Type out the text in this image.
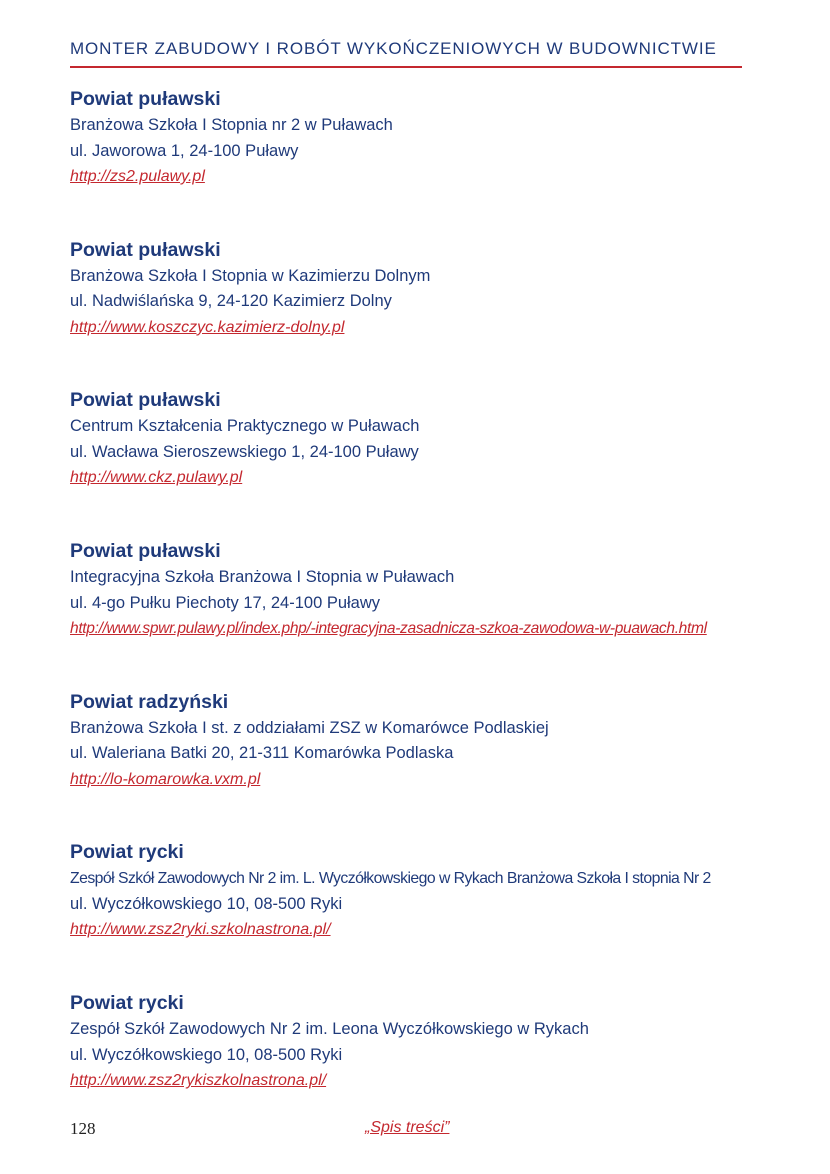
MONTER ZABUDOWY I ROBÓT WYKOŃCZENIOWYCH W BUDOWNICTWIE
Powiat puławski
Branżowa Szkoła I Stopnia nr 2 w Puławach
ul. Jaworowa 1, 24-100 Puławy
http://zs2.pulawy.pl
Powiat puławski
Branżowa Szkoła I Stopnia w Kazimierzu Dolnym
ul. Nadwiślańska 9, 24-120 Kazimierz Dolny
http://www.koszczyc.kazimierz-dolny.pl
Powiat puławski
Centrum Kształcenia Praktycznego w Puławach
ul. Wacława Sieroszewskiego 1, 24-100 Puławy
http://www.ckz.pulawy.pl
Powiat puławski
Integracyjna Szkoła Branżowa I Stopnia w Puławach
ul. 4-go Pułku Piechoty 17, 24-100 Puławy
http://www.spwr.pulawy.pl/index.php/-integracyjna-zasadnicza-szkoa-zawodowa-w-puawach.html
Powiat radzyński
Branżowa Szkoła I st. z oddziałami ZSZ w Komarówce Podlaskiej
ul. Waleriana Batki 20, 21-311 Komarówka Podlaska
http://lo-komarowka.vxm.pl
Powiat rycki
Zespół Szkół Zawodowych Nr 2 im. L. Wyczółkowskiego w Rykach Branżowa Szkoła I stopnia Nr 2
ul. Wyczółkowskiego 10, 08-500 Ryki
http://www.zsz2ryki.szkolnastrona.pl/
Powiat rycki
Zespół Szkół Zawodowych Nr 2 im. Leona Wyczółkowskiego w Rykach
ul. Wyczółkowskiego 10, 08-500 Ryki
http://www.zsz2rykiszkolnastrona.pl/
128	„Spis treści”
